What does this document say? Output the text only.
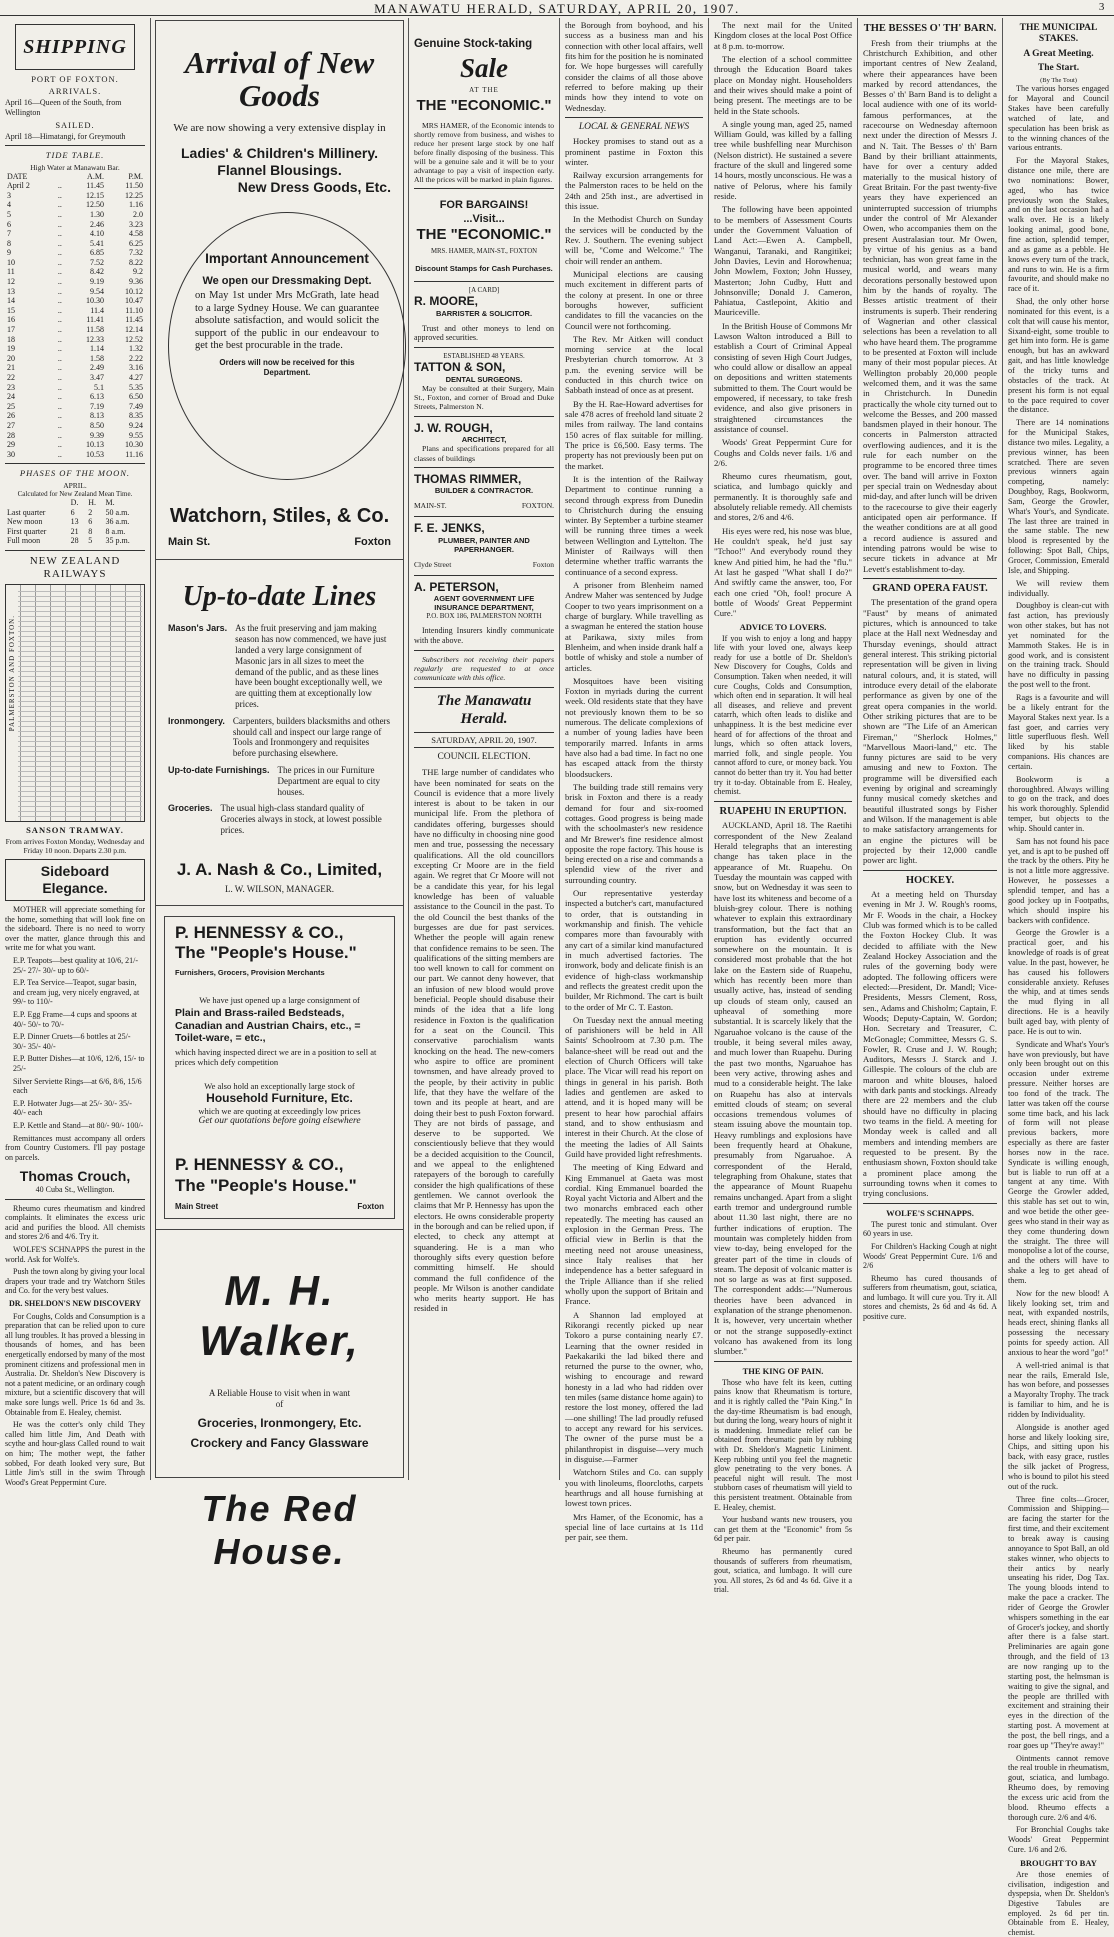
MANAWATU HERALD, SATURDAY, APRIL 20, 1907.	3
SHIPPING
PORT OF FOXTON.
ARRIVALS.
April 16—Queen of the South, from Wellington
SAILED.
April 18—Himatangi, for Greymouth
TIDE TABLE.
High Water at Manawatu Bar.
DATE		A.M.	P.M.
April 2	..	11.45	11.50
3	..	12.15	12.25
4	..	12.50	1.16
5	..	1.30	2.0
6	..	2.46	3.23
7	..	4.10	4.58
8	..	5.41	6.25
9	..	6.85	7.32
10	..	7.52	8.22
11	..	8.42	9.2
12	..	9.19	9.36
13	..	9.54	10.12
14	..	10.30	10.47
15	..	11.4	11.10
16	..	11.41	11.45
17	..	11.58	12.14
18	..	12.33	12.52
19	..	1.14	1.32
20	..	1.58	2.22
21	..	2.49	3.16
22	..	3.47	4.27
23	..	5.1	5.35
24	..	6.13	6.50
25	..	7.19	7.49
26	..	8.13	8.35
27	..	8.50	9.24
28	..	9.39	9.55
29	..	10.13	10.30
30	..	10.53	11.16
PHASES OF THE MOON.
APRIL.
Calculated for New Zealand Mean Time.
	D.	H.	M.
Last quarter	6	2	50 a.m.
New moon	13	6	36 a.m.
First quarter	21	8	8 a.m.
Full moon	28	5	35 p.m.
NEW ZEALAND RAILWAYS
PALMERSTON AND FOXTON.
SANSON TRAMWAY.
From arrives Foxton Monday, Wednesday and Friday 10 noon. Departs 2.30 p.m.
Sideboard Elegance.

MOTHER will appreciate something for the home, something that will look fine on the sideboard. There is no need to worry over the matter, glance through this and write me for what you want.

E.P. Teapots—best quality at 10/6, 21/- 25/- 27/- 30/- up to 60/-

E.P. Tea Service—Teapot, sugar basin, and cream jug, very nicely engraved, at 99/- to 110/-

E.P. Egg Frame—4 cups and spoons at 40/- 50/- to 70/-

E.P. Dinner Cruets—6 bottles at 25/- 30/- 35/- 40/-

E.P. Butter Dishes—at 10/6, 12/6, 15/- to 25/-

Silver Serviette Rings—at 6/6, 8/6, 15/6 each

E.P. Hotwater Jugs—at 25/- 30/- 35/- 40/- each

E.P. Kettle and Stand—at 80/- 90/- 100/-

Remittances must accompany all orders from Country Customers. I'll pay postage on parcels.

Thomas Crouch,
40 Cuba St., Wellington.

Rheumo cures rheumatism and kindred complaints. It eliminates the excess uric acid and purifies the blood. All chemists and stores 2/6 and 4/6. Try it.

WOLFE'S SCHNAPPS the purest in the world. Ask for Wolfe's.

Push the town along by giving your local drapers your trade and try Watchorn Stiles and Co. for the very best values.

DR. SHELDON'S NEW DISCOVERY

For Coughs, Colds and Consumption is a preparation that can be relied upon to cure all lung troubles. It has proved a blessing in thousands of homes, and has been energetically endorsed by many of the most prominent citizens and professional men in Australia. Dr. Sheldon's New Discovery is not a patent medicine, or an ordinary cough mixture, but a scientific discovery that will make sore lungs well. Price 1s 6d and 3s. Obtainable from E. Healey, chemist.

He was the cotter's only child They called him little Jim, And Death with scythe and hour-glass Called round to wait on him; The mother wept, the father sobbed, For death looked very sure, But Little Jim's still in the swim Through Wood's Great Peppermint Cure.

Arrival of New Goods
We are now showing a very extensive display in
Ladies' & Children's Millinery.
Flannel Blousings.
New Dress Goods, Etc.
Important Announcement
We open our Dressmaking Dept.
on May 1st under Mrs McGrath, late head to a large Sydney House. We can guarantee absolute satisfaction, and would solicit the support of the public in our endeavour to get the best procurable in the trade.
Orders will now be received for this Department.
Watchorn, Stiles, & Co.
Main St.	Foxton
Up-to-date Lines
Mason's Jars. As the fruit preserving and jam making season has now commenced, we have just landed a very large consignment of Masonic jars in all sizes to meet the demand of the public, and as these lines have been bought exceptionally well, we are quitting them at exceptionally low prices.
Ironmongery. Carpenters, builders blacksmiths and others should call and inspect our large range of Tools and Ironmongery and requisites before purchasing elsewhere.
Up-to-date Furnishings. The prices in our Furniture Department are equal to city houses.
Groceries. The usual high-class standard quality of Groceries always in stock, at lowest possible prices.
J. A. Nash & Co., Limited,
L. W. WILSON, MANAGER.
P. HENNESSY & CO.,
The "People's House."
Furnishers, Grocers, Provision Merchants
We have just opened up a large consignment of
Plain and Brass-railed Bedsteads, Canadian and Austrian Chairs, etc., = Toilet-ware, = etc.,
which having inspected direct we are in a position to sell at prices which defy competition
We also hold an exceptionally large stock of
Household Furniture, Etc.
which we are quoting at exceedingly low prices
Get our quotations before going elsewhere
P. HENNESSY & CO.,
The "People's House."
Main Street	Foxton
M. H. Walker,
A Reliable House to visit when in want of
Groceries, Ironmongery, Etc.
Crockery and Fancy Glassware
The Red House.
Genuine Stock-taking
Sale
AT THE
THE "ECONOMIC."

MRS HAMER, of the Economic intends to shortly remove from business, and wishes to reduce her present large stock by one half before finally disposing of the business. This will be a genuine sale and it will be to your advantage to pay a visit of inspection early. All the prices will be marked in plain figures.

FOR BARGAINS!
...Visit...
THE "ECONOMIC."
MRS. HAMER, MAIN-ST., FOXTON
Discount Stamps for Cash Purchases.
[A CARD]
R. MOORE,
BARRISTER & SOLICITOR.

Trust and other moneys to lend on approved securities.

ESTABLISHED 48 YEARS.
TATTON & SON,
DENTAL SURGEONS.

May be consulted at their Surgery, Main St., Foxton, and corner of Broad and Duke Streets, Palmerston N.

J. W. ROUGH,
ARCHITECT,

Plans and specifications prepared for all classes of buildings

THOMAS RIMMER,
BUILDER & CONTRACTOR.
MAIN-ST.	FOXTON.
F. E. JENKS,
PLUMBER, PAINTER AND PAPERHANGER.
Clyde Street	Foxton
A. PETERSON,
AGENT GOVERNMENT LIFE INSURANCE DEPARTMENT,
P.O. BOX 186, PALMERSTON NORTH

Intending Insurers kindly communicate with the above.

Subscribers not receiving their papers regularly are requested to at once communicate with this office.

The Manawatu Herald.
SATURDAY, APRIL 20, 1907.
COUNCIL ELECTION.

THE large number of candidates who have been nominated for seats on the Council is evidence that a more lively interest is about to be taken in our municipal life. From the plethora of candidates offering, burgesses should have no difficulty in choosing nine good men and true, possessing the necessary qualifications. All the old councillors excepting Cr Moore are in the field again. We regret that Cr Moore will not be a candidate this year, for his legal knowledge has been of valuable assistance to the Council in the past. To the old Council the best thanks of the burgesses are due for past services. Whether the people will again renew that confidence remains to be seen. The qualifications of the sitting members are too well known to call for comment on our part. We cannot deny however, that an infusion of new blood would prove beneficial. People should disabuse their minds of the idea that a life long residence in Foxton is the qualification for a seat on the Council. This conservative parochialism wants knocking on the head. The new-comers who aspire to office are prominent townsmen, and have already proved to the people, by their activity in public life, that they have the welfare of the town and its people at heart, and are doing their best to push Foxton forward. They are not birds of passage, and deserve to be supported. We conscientiously believe that they would be a decided acquisition to the Council, and we appeal to the enlightened ratepayers of the borough to carefully consider the high qualifications of these gentlemen. We cannot overlook the claims that Mr P. Hennessy has upon the electors. He owns considerable property in the borough and can be relied upon, if elected, to check any attempt at squandering. He is a man who thoroughly sifts every question before committing himself. He should command the full confidence of the people. Mr Wilson is another candidate who merits hearty support. He has resided in

the Borough from boyhood, and his success as a business man and his connection with other local affairs, well fits him for the position he is nominated for. We hope burgesses will carefully consider the claims of all those above referred to before making up their minds how they intend to vote on Wednesday.

LOCAL & GENERAL NEWS

Hockey promises to stand out as a prominent pastime in Foxton this winter.

Railway excursion arrangements for the Palmerston races to be held on the 24th and 25th inst., are advertised in this issue.

In the Methodist Church on Sunday the services will be conducted by the Rev. J. Southern. The evening subject will be, "Come and Welcome." The choir will render an anthem.

Municipal elections are causing much excitement in different parts of the colony at present. In one or three boroughs however, sufficient candidates to fill the vacancies on the Council were not forthcoming.

The Rev. Mr Aitken will conduct morning service at the local Presbyterian church tomorrow. At 3 p.m. the evening service will be conducted in this church twice on Sabbath instead of once as at present.

By the H. Rae-Howard advertises for sale 478 acres of freehold land situate 2 miles from railway. The land contains 150 acres of flax suitable for milling. The price is £6,500. Easy terms. The property has not previously been put on the market.

It is the intention of the Railway Department to continue running a second through express from Dunedin to Christchurch during the ensuing winter. By September a turbine steamer will be running three times a week between Wellington and Lyttelton. The Minister of Railways will then determine whether traffic warrants the continuance of a second express.

A prisoner from Blenheim named Andrew Maher was sentenced by Judge Cooper to two years imprisonment on a charge of burglary. While travelling as a swagman he entered the station house at Parikawa, sixty miles from Blenheim, and when inside drank half a bottle of whisky and stole a number of articles.

Mosquitoes have been visiting Foxton in myriads during the current week. Old residents state that they have not previously known them to be so numerous. The delicate complexions of a number of young ladies have been temporarily marred. Infants in arms have also had a bad time. In fact no one has escaped attack from the thirsty bloodsuckers.

The building trade still remains very brisk in Foxton and there is a ready demand for four and six-roomed cottages. Good progress is being made with the schoolmaster's new residence and Mr Brewer's fine residence almost opposite the rope factory. This house is being erected on a rise and commands a splendid view of the river and surrounding country.

Our representative yesterday inspected a butcher's cart, manufactured to order, that is outstanding in workmanship and finish. The vehicle compares more than favourably with any cart of a similar kind manufactured in much advertised factories. The ironwork, body and delicate finish is an evidence of high-class workmanship and reflects the greatest credit upon the builder, Mr Richmond. The cart is built to the order of Mr C. T. Easton.

On Tuesday next the annual meeting of parishioners will be held in All Saints' Schoolroom at 7.30 p.m. The balance-sheet will be read out and the election of Church Officers will take place. The Vicar will read his report on things in general in his parish. Both ladies and gentlemen are asked to attend, and it is hoped many will be present to hear how parochial affairs stand, and to show enthusiasm and interest in their Church. At the close of the meeting the ladies of All Saints Guild have provided light refreshments.

The meeting of King Edward and King Emmanuel at Gaeta was most cordial. King Emmanuel boarded the Royal yacht Victoria and Albert and the two monarchs embraced each other repeatedly. The meeting has caused an explosion in the German Press. The official view in Berlin is that the meeting need not arouse uneasiness, since Italy realises that her independence has a better safeguard in the Triple Alliance than if she relied wholly upon the support of Britain and France.

A Shannon lad employed at Rikorangi recently picked up near Tokoro a purse containing nearly £7. Learning that the owner resided in Paekakariki the lad biked there and returned the purse to the owner, who, wishing to encourage and reward honesty in a lad who had ridden over ten miles (same distance home again) to restore the lost money, offered the lad—one shilling! The lad proudly refused to accept any reward for his services. The owner of the purse must be a philanthropist in disguise—very much in disguise.—Farmer

Watchorn Stiles and Co. can supply you with linoleums, floorcloths, carpets hearthrugs and all house furnishing at lowest town prices.

Mrs Hamer, of the Economic, has a special line of lace curtains at 1s 11d per pair, see them.

The next mail for the United Kingdom closes at the local Post Office at 8 p.m. to-morrow.

The election of a school committee through the Education Board takes place on Monday night. Householders and their wives should make a point of being present. The meetings are to be held in the State schools.

A single young man, aged 25, named William Gould, was killed by a falling tree while bushfelling near Murchison (Nelson district). He sustained a severe fracture of the skull and lingered some 14 hours, mostly unconscious. He was a native of Pelorus, where his family reside.

The following have been appointed to be members of Assessment Courts under the Government Valuation of Land Act:—Ewen A. Campbell, Wanganui, Taranaki, and Rangitikei; John Davies, Levin and Horowhenua; John Mowlem, Foxton; John Hussey, Masterton; John Cudby, Hutt and Johnsonville; Donald J. Cameron, Pahiatua, Castlepoint, Akitio and Mauriceville.

In the British House of Commons Mr Lawson Walton introduced a Bill to establish a Court of Criminal Appeal consisting of seven High Court Judges, who could allow or disallow an appeal on depositions and written statements submitted to them. The Court would be empowered, if necessary, to take fresh evidence, and also give prisoners in straightened circumstances the assistance of counsel.

Woods' Great Peppermint Cure for Coughs and Colds never fails. 1/6 and 2/6.

Rheumo cures rheumatism, gout, sciatica, and lumbago quickly and permanently. It is thoroughly safe and absolutely reliable remedy. All chemists and stores, 2/6 and 4/6.

His eyes were red, his nose was blue, He couldn't speak, he'd just say "Tchoo!" And everybody round they knew And pitied him, he had the "flu." At last he gasped "What shall I do?" And swiftly came the answer, too, For each one cried "Oh, fool! procure A bottle of Woods' Great Peppermint Cure."

ADVICE TO LOVERS.

If you wish to enjoy a long and happy life with your loved one, always keep ready for use a bottle of Dr. Sheldon's New Discovery for Coughs, Colds and Consumption. Taken when needed, it will cure Coughs, Colds and Consumption, which often end in separation. It will heal all diseases, and relieve and prevent catarrh, which often leads to dislike and unhappiness. It is the best medicine ever heard of for affections of the throat and lungs, which so often attack lovers, married folk, and single people. You cannot afford to cure, or money back. You cannot do better than try it. You had better try it to-day. Obtainable from E. Healey, chemist.

RUAPEHU IN ERUPTION.

AUCKLAND, April 18. The Raetihi correspondent of the New Zealand Herald telegraphs that an interesting change has taken place in the appearance of Mt. Ruapehu. On Tuesday the mountain was capped with snow, but on Wednesday it was seen to have lost its whiteness and become of a bluish-grey colour. There is nothing whatever to explain this extraordinary transformation, but the fact that an eruption has evidently occurred somewhere on the mountain. It is considered most probable that the hot lake on the Eastern side of Ruapehu, which has recently been more than usually active, has, instead of sending up clouds of steam only, caused an upheaval of something more substantial. It is scarcely likely that the Ngaruahoe volcano is the cause of the trouble, it being several miles away, and much lower than Ruapehu. During the past two months, Ngaruahoe has been very active, throwing ashes and mud to a considerable height. The lake on Ruapehu has also at intervals emitted clouds of steam; on several occasions tremendous volumes of steam issuing above the mountain top. Heavy rumblings and explosions have been frequently heard at Ohakune, presumably from Ngaruahoe. A correspondent of the Herald, telegraphing from Ohakune, states that the appearance of Mount Ruapehu remains unchanged. Apart from a slight earth tremor and underground rumble about 11.30 last night, there are no further indications of eruption. The mountain was completely hidden from view to-day, being enveloped for the greater part of the time in clouds of steam. The deposit of volcanic matter is not so large as was at first supposed. The correspondent adds:—"Numerous theories have been advanced in explanation of the strange phenomenon. It is, however, very uncertain whether or not the strange supposedly-extinct volcano has awakened from its long slumber."

THE KING OF PAIN.

Those who have felt its keen, cutting pains know that Rheumatism is torture, and it is rightly called the "Pain King." In the day-time Rheumatism is bad enough, but during the long, weary hours of night it is maddening. Immediate relief can be obtained from rheumatic pain by rubbing with Dr. Sheldon's Magnetic Liniment. Keep rubbing until you feel the magnetic glow penetrating to the very bones. A peaceful night will result. The most stubborn cases of rheumatism will yield to this persistent treatment. Obtainable from E. Healey, chemist.

Your husband wants new trousers, you can get them at the "Economic" from 5s 6d per pair.

Rheumo has permanently cured thousands of sufferers from rheumatism, gout, sciatica, and lumbago. It will cure you. All stores, 2s 6d and 4s 6d. Give it a trial.

THE BESSES O' TH' BARN.

Fresh from their triumphs at the Christchurch Exhibition, and other important centres of New Zealand, where their appearances have been marked by record attendances, the Besses o' th' Barn Band is to delight a local audience with one of its world-famous performances, at the racecourse on Wednesday afternoon next under the direction of Messrs J. and N. Tait. The Besses o' th' Barn Band by their brilliant attainments, have for over a century added materially to the musical history of Great Britain. For the past twenty-five years they have experienced an uninterrupted succession of triumphs under the control of Mr Alexander Owen, who accompanies them on the present Australasian tour. Mr Owen, by virtue of his genius as a band technician, has won great fame in the musical world, and wears many decorations personally bestowed upon him by the hands of royalty. The Besses artistic treatment of their instruments is superb. Their rendering of Wagnerian and other classical selections has been a revelation to all who have heard them. The programme to be presented at Foxton will include many of their most popular pieces. At Wellington probably 20,000 people welcomed them, and it was the same in Christchurch. In Dunedin practically the whole city turned out to welcome the Besses, and 200 massed bandsmen played in their honour. The concerts in Palmerston attracted overflowing audiences, and it is the rule for each number on the programme to be encored three times over. The band will arrive in Foxton per special train on Wednesday about mid-day, and after lunch will be driven to the racecourse to give their eagerly anticipated open air performance. If the weather conditions are at all good a record audience is assured and intending patrons would be wise to secure tickets in advance at Mr Levett's establishment to-day.

GRAND OPERA FAUST.

The presentation of the grand opera "Faust" by means of animated pictures, which is announced to take place at the Hall next Wednesday and Thursday evenings, should attract general interest. This striking pictorial representation will be given in living natural colours, and, it is stated, will introduce every detail of the elaborate performance as given by one of the great opera companies in the world. Other striking pictures that are to be shown are "The Life of an American Fireman," "Sherlock Holmes," "Marvellous Maori-land," etc. The funny pictures are said to be very amusing and new to Foxton. The programme will be diversified each evening by original and screamingly funny musical comedy sketches and beautiful illustrated songs by Fisher and Wilson. If the management is able to make satisfactory arrangements for an engine the pictures will be projected by their 12,000 candle power arc light.

HOCKEY.

At a meeting held on Thursday evening in Mr J. W. Rough's rooms, Mr F. Woods in the chair, a Hockey Club was formed which is to be called the Foxton Hockey Club. It was decided to affiliate with the New Zealand Hockey Association and the rules of the governing body were adopted. The following officers were elected:—President, Dr. Mandl; Vice-Presidents, Messrs Clement, Ross, sen., Adams and Chisholm; Captain, F. Woods; Deputy-Captain, W. Gordon; Hon. Secretary and Treasurer, C. McGonagle; Committee, Messrs G. S. Fowler, R. Cruse and J. W. Rough; Auditors, Messrs J. Starck and J. Gillespie. The colours of the club are maroon and white blouses, haloed with dark pants and stockings. Already there are 22 members and the club should have no difficulty in placing two teams in the field. A meeting for Monday week is called and all members and intending members are requested to be present. By the enthusiasm shown, Foxton should take a prominent place among the surrounding towns when it comes to trying conclusions.

WOLFE'S SCHNAPPS.

The purest tonic and stimulant. Over 60 years in use.

For Children's Hacking Cough at night Woods' Great Peppermint Cure. 1/6 and 2/6

Rheumo has cured thousands of sufferers from rheumatism, gout, sciatica, and lumbago. It will cure you. Try it. All stores and chemists, 2s 6d and 4s 6d. A positive cure.

THE MUNICIPAL STAKES.
A Great Meeting.
The Start.
(By The Tout)

The various horses engaged for Mayoral and Council Stakes have been carefully watched of late, and speculation has been brisk as to the winning chances of the various entrants.

For the Mayoral Stakes, distance one mile, there are two nominations: Bower, aged, who has twice previously won the Stakes, and on the last occasion had a walk over. He is a likely looking animal, good bone, fine action, splendid temper, and as game as a pebble. He knows every turn of the track, and runs to win. He is a firm favourite, and should make no race of it.

Shad, the only other horse nominated for this event, is a colt that will cause his mentor, Sixand-eight, some trouble to get him into form. He is game enough, but has an awkward gait, and has little knowledge of the tricky turns and obstacles of the track. At present his form is not equal to the pace required to cover the distance.

There are 14 nominations for the Municipal Stakes, distance two miles. Legality, a previous winner, has been scratched. There are seven previous winners again competing, namely: Doughboy, Rags, Bookworm, Sam, George the Growler, What's Your's, and Syndicate. The last three are trained in the same stable. The new blood is represented by the following: Spot Ball, Chips, Grocer, Commission, Emerald Isle, and Shipping.

We will review them individually.

Doughboy is clean-cut with fast action, has previously won other stakes, but has not yet nominated for the Mammoth Stakes. He is in good work, and is consistent on the training track. Should have no difficulty in passing the post well to the front.

Rags is a favourite and will be a likely entrant for the Mayoral Stakes next year. Is a fast goer, and carries very little superfluous flesh. Well liked by his stable companions. His chances are certain.

Bookworm is a thoroughbred. Always willing to go on the track, and does his work thoroughly. Splendid temper, but objects to the whip. Should canter in.

Sam has not found his pace yet, and is apt to be pushed off the track by the others. Pity he is not a little more aggressive. However, he possesses a splendid temper, and has a good jockey up in Footpaths, which should inspire his backers with confidence.

George the Growler is a practical goer, and his knowledge of roads is of great value. In the past, however, he has caused his followers considerable anxiety. Refuses the whip, and at times sends the mud flying in all directions. He is a heavily built aged bay, with plenty of pace. He is out to win.

Syndicate and What's Your's have won previously, but have only been brought out on this occasion under extreme pressure. Neither horses are too fond of the track. The latter was taken off the course some time back, and his lack of form will not please previous backers, more especially as there are faster horses now in the race. Syndicate is willing enough, but is liable to run off at a tangent at any time. With George the Growler added, this stable has set out to win, and woe betide the other gee-gees who stand in their way as they come thundering down the straight. The three will monopolise a lot of the course, and the others will have to shake a leg to get ahead of them.

Now for the new blood! A likely looking set, trim and neat, with expanded nostrils, heads erect, shining flanks all possessing the necessary points for speedy action. All anxious to hear the word "go!"

A well-tried animal is that near the rails, Emerald Isle, has won before, and possesses a Mayoralty Trophy. The track is familiar to him, and he is ridden by Individuality.

Alongside is another aged horse and likely looking sire, Chips, and sitting upon his back, with easy grace, rustles the silk jacket of Progress, who is bound to pilot his steed out of the ruck.

Three fine colts—Grocer, Commission and Shipping—are facing the starter for the first time, and their excitement to break away is causing annoyance to Spot Ball, an old stakes winner, who objects to their antics by nearly unseating his rider, Dog Tax. The young bloods intend to make the pace a cracker. The rider of George the Growler whispers something in the ear of Grocer's jockey, and shortly after there is a false start. Preliminaries are again gone through, and the field of 13 are now ranging up to the starting post, the helmsman is waiting to give the signal, and the people are thrilled with excitement and straining their eyes in the direction of the starting post. A movement at the post, the bell rings, and a roar goes up "They're away!"

Ointments cannot remove the real trouble in rheumatism, gout, sciatica, and lumbago. Rheumo does, by removing the excess uric acid from the blood. Rheumo effects a thorough cure. 2/6 and 4/6.

For Bronchial Coughs take Woods' Great Peppermint Cure. 1/6 and 2/6.

BROUGHT TO BAY

Are those enemies of civilisation, indigestion and dyspepsia, when Dr. Sheldon's Digestive Tabules are employed. 2s 6d per tin. Obtainable from E. Healey, chemist.
